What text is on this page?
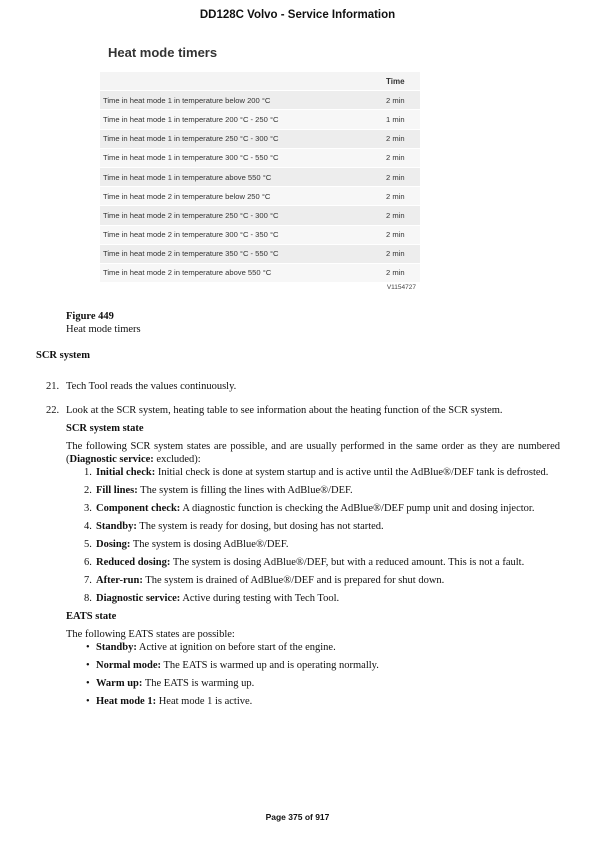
DD128C Volvo - Service Information
Heat mode timers
Time
Time in heat mode 1 in temperature below 200 °C	2 min
Time in heat mode 1 in temperature 200 °C - 250 °C	1 min
Time in heat mode 1 in temperature 250 °C - 300 °C	2 min
Time in heat mode 1 in temperature 300 °C - 550 °C	2 min
Time in heat mode 1 in temperature above 550 °C	2 min
Time in heat mode 2 in temperature below 250 °C	2 min
Time in heat mode 2 in temperature 250 °C - 300 °C	2 min
Time in heat mode 2 in temperature 300 °C - 350 °C	2 min
Time in heat mode 2 in temperature 350 °C - 550 °C	2 min
Time in heat mode 2 in temperature above 550 °C	2 min
V1154727
Figure 449
Heat mode timers
SCR system
21. Tech Tool reads the values continuously.

22. Look at the SCR system, heating table to see information about the heating function of the SCR system.

SCR system state

The following SCR system states are possible, and are usually performed in the same order as they are numbered (Diagnostic service: excluded):

1. Initial check: Initial check is done at system startup and is active until the AdBlue®/DEF tank is defrosted.
2. Fill lines: The system is filling the lines with AdBlue®/DEF.
3. Component check: A diagnostic function is checking the AdBlue®/DEF pump unit and dosing injector.
4. Standby: The system is ready for dosing, but dosing has not started.
5. Dosing: The system is dosing AdBlue®/DEF.
6. Reduced dosing: The system is dosing AdBlue®/DEF, but with a reduced amount. This is not a fault.
7. After-run: The system is drained of AdBlue®/DEF and is prepared for shut down.
8. Diagnostic service: Active during testing with Tech Tool.
EATS state

The following EATS states are possible:

• Standby: Active at ignition on before start of the engine.
• Normal mode: The EATS is warmed up and is operating normally.
• Warm up: The EATS is warming up.
• Heat mode 1: Heat mode 1 is active.
Page 375 of 917
